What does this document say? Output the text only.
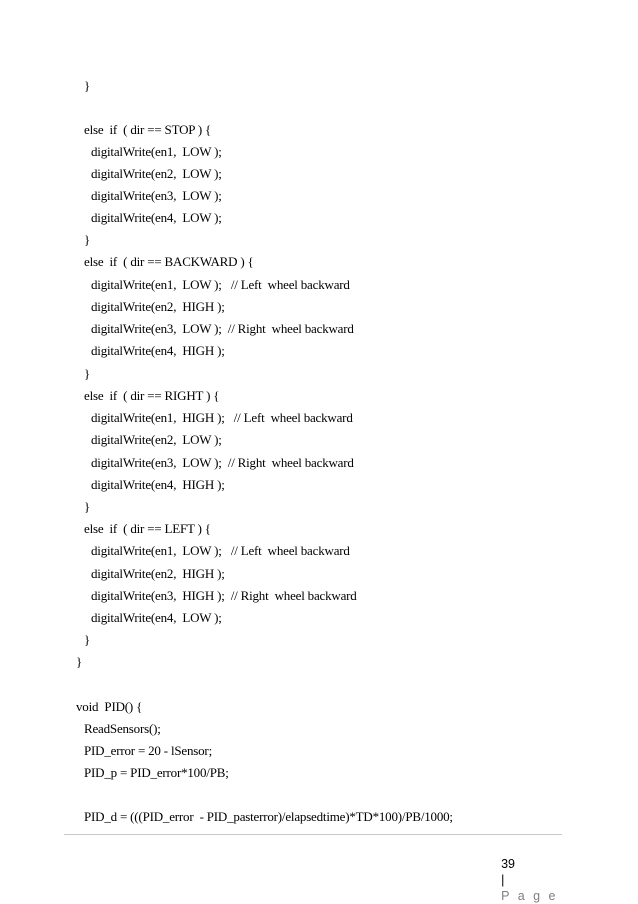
}
else  if  ( dir == STOP ) {
digitalWrite(en1,  LOW );
digitalWrite(en2,  LOW );
digitalWrite(en3,  LOW );
digitalWrite(en4,  LOW );
}
else  if  ( dir == BACKWARD ) {
digitalWrite(en1,  LOW );   // Left  wheel backward
digitalWrite(en2,  HIGH );
digitalWrite(en3,  LOW );  // Right  wheel backward
digitalWrite(en4,  HIGH );
}
else  if  ( dir == RIGHT ) {
digitalWrite(en1,  HIGH );   // Left  wheel backward
digitalWrite(en2,  LOW );
digitalWrite(en3,  LOW );  // Right  wheel backward
digitalWrite(en4,  HIGH );
}
else  if  ( dir == LEFT ) {
digitalWrite(en1,  LOW );   // Left  wheel backward
digitalWrite(en2,  HIGH );
digitalWrite(en3,  HIGH );  // Right  wheel backward
digitalWrite(en4,  LOW );
}
}
void  PID() {
ReadSensors();
PID_error = 20 - lSensor;
PID_p = PID_error*100/PB;
PID_d = (((PID_error  - PID_pasterror)/elapsedtime)*TD*100)/PB/1000;

39
|
P a g e
